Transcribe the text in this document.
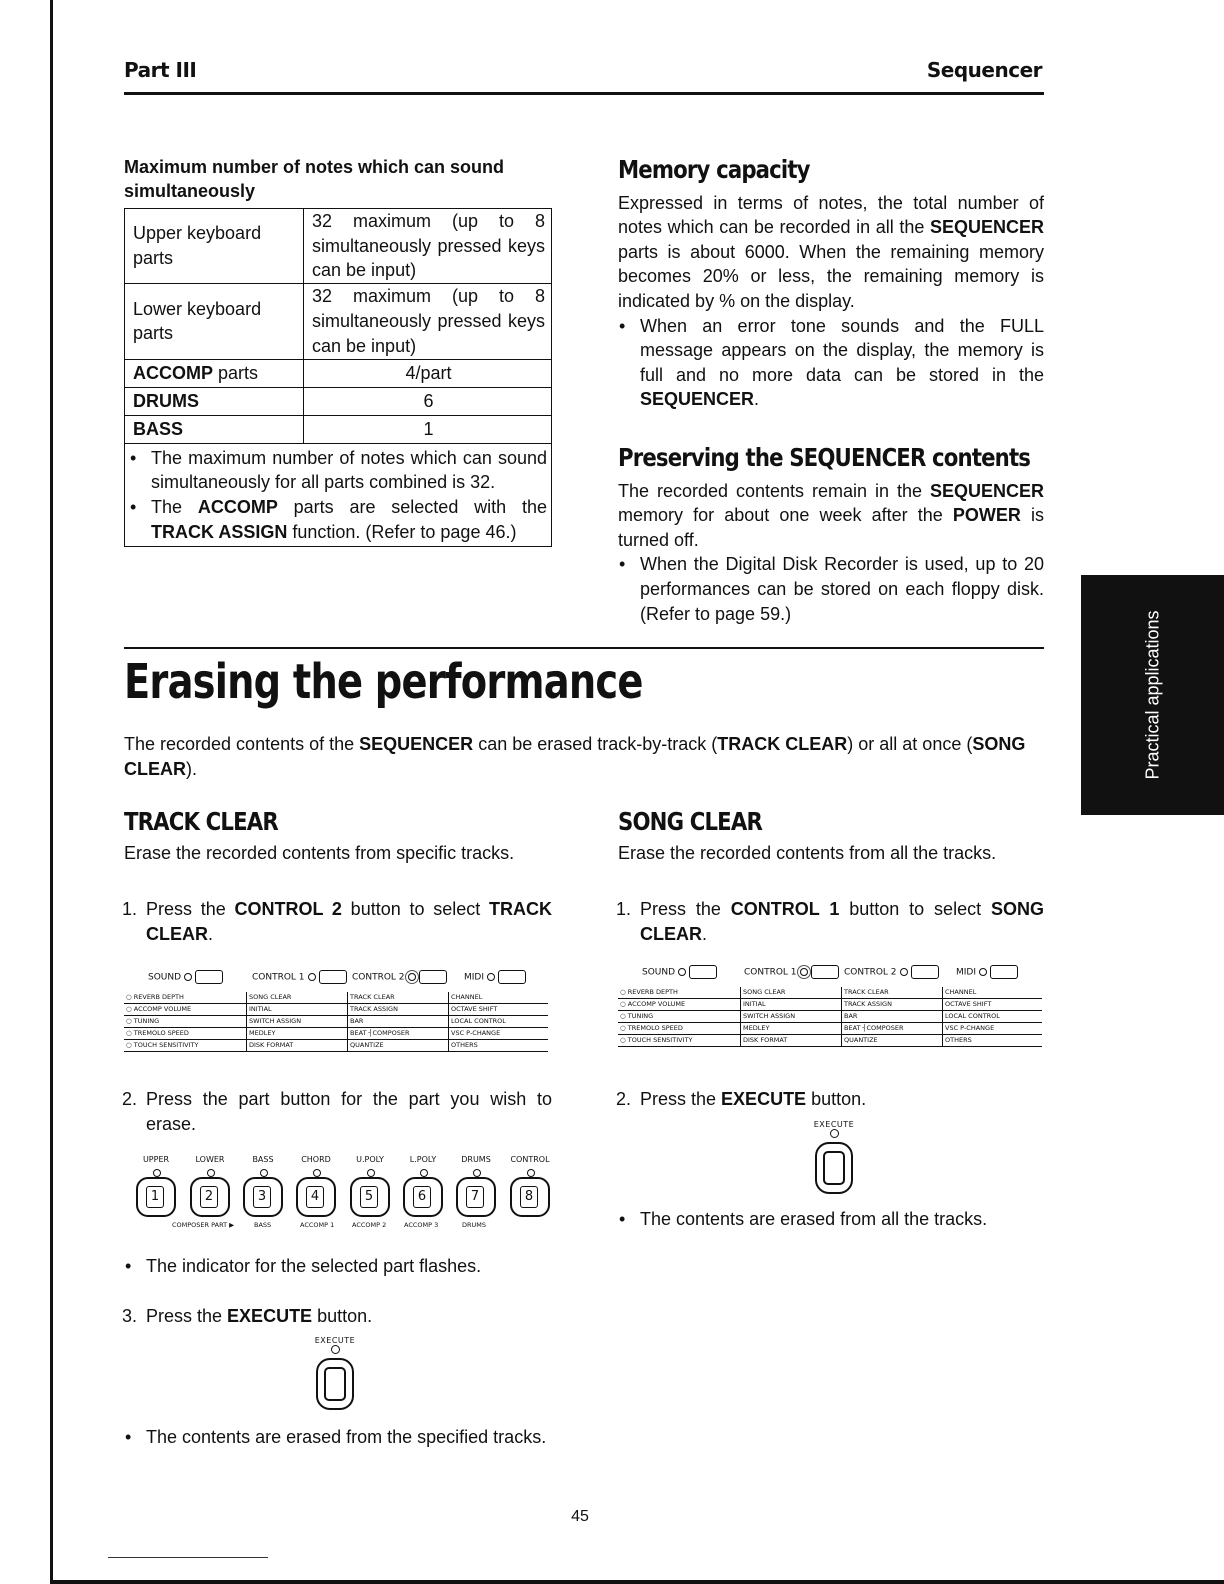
Part III	Sequencer
Maximum number of notes which can sound simultaneously
Upper keyboard parts	32 maximum (up to 8 simultaneously pressed keys can be input)
Lower keyboard parts	32 maximum (up to 8 simultaneously pressed keys can be input)
ACCOMP parts	4/part
DRUMS	6
BASS	1
• The maximum number of notes which can sound simultaneously for all parts combined is 32.
• The ACCOMP parts are selected with the TRACK ASSIGN function. (Refer to page 46.)
Memory capacity
Expressed in terms of notes, the total number of notes which can be recorded in all the SEQUENCER parts is about 6000. When the remaining memory becomes 20% or less, the remaining memory is indicated by % on the display.
• When an error tone sounds and the FULL message appears on the display, the memory is full and no more data can be stored in the SEQUENCER.
Preserving the SEQUENCER contents
The recorded contents remain in the SEQUENCER memory for about one week after the POWER is turned off.
• When the Digital Disk Recorder is used, up to 20 performances can be stored on each floppy disk. (Refer to page 59.)	Practical applications
Erasing the performance
The recorded contents of the SEQUENCER can be erased track-by-track (TRACK CLEAR) or all at once (SONG CLEAR).
TRACK CLEAR
Erase the recorded contents from specific tracks.
1. Press the CONTROL 2 button to select TRACK CLEAR.
SOUND	CONTROL 1	CONTROL 2	MIDI
○ REVERB DEPTH	SONG CLEAR	TRACK CLEAR	CHANNEL
○ ACCOMP VOLUME	INITIAL	TRACK ASSIGN	OCTAVE SHIFT
○ TUNING	SWITCH ASSIGN	BAR	LOCAL CONTROL
○ TREMOLO SPEED	MEDLEY	BEAT ┤COMPOSER	VSC P-CHANGE
○ TOUCH SENSITIVITY	DISK FORMAT	QUANTIZE	OTHERS
2. Press the part button for the part you wish to erase.
UPPER	LOWER	BASS	CHORD	U.POLY	L.POLY	DRUMS	CONTROL
1	2	3	4	5	6	7	8
COMPOSER PART ▶	BASS	ACCOMP 1	ACCOMP 2	ACCOMP 3	DRUMS
• The indicator for the selected part flashes.
3. Press the EXECUTE button.
EXECUTE
• The contents are erased from the specified tracks.
SONG CLEAR
Erase the recorded contents from all the tracks.
1. Press the CONTROL 1 button to select SONG CLEAR.
SOUND	CONTROL 1	CONTROL 2	MIDI
○ REVERB DEPTH	SONG CLEAR	TRACK CLEAR	CHANNEL
○ ACCOMP VOLUME	INITIAL	TRACK ASSIGN	OCTAVE SHIFT
○ TUNING	SWITCH ASSIGN	BAR	LOCAL CONTROL
○ TREMOLO SPEED	MEDLEY	BEAT ┤COMPOSER	VSC P-CHANGE
○ TOUCH SENSITIVITY	DISK FORMAT	QUANTIZE	OTHERS
2. Press the EXECUTE button.
EXECUTE
• The contents are erased from all the tracks.
45
